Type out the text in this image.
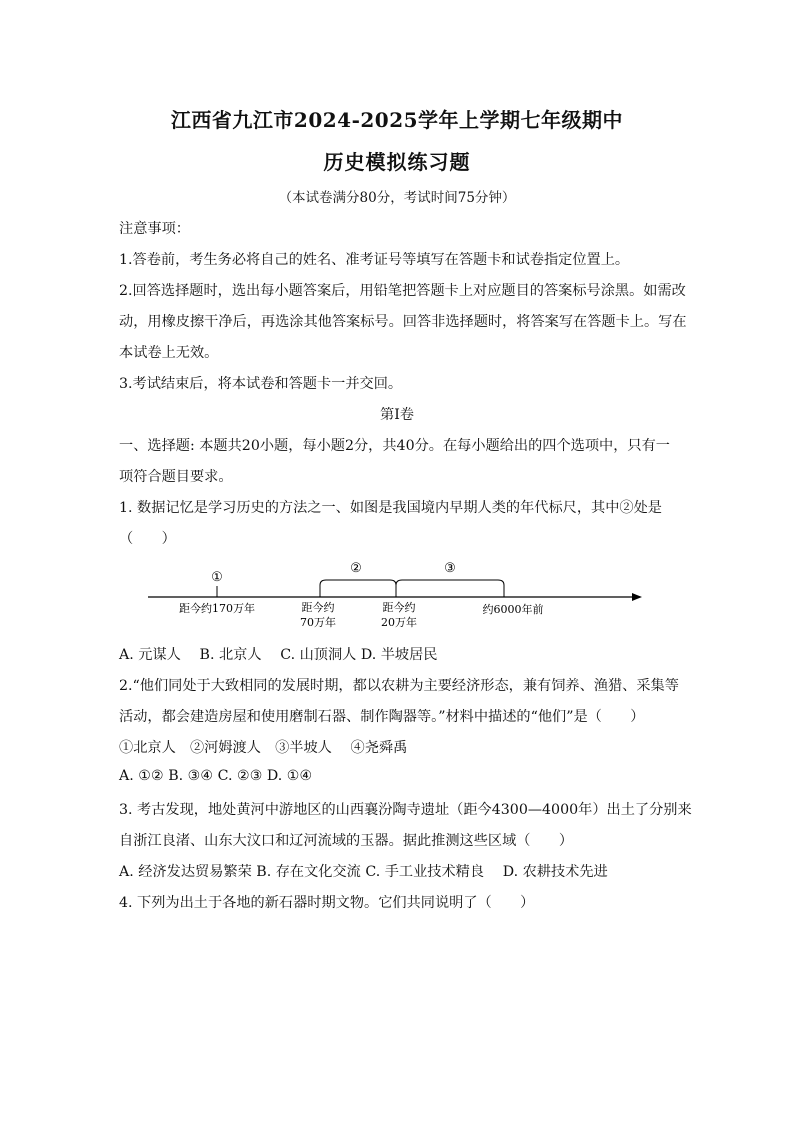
江西省九江市2024-2025学年上学期七年级期中
历史模拟练习题
（本试卷满分80分，考试时间75分钟）
注意事项：
1.答卷前，考生务必将自己的姓名、准考证号等填写在答题卡和试卷指定位置上。
2.回答选择题时，选出每小题答案后，用铅笔把答题卡上对应题目的答案标号涂黑。如需改
动，用橡皮擦干净后，再选涂其他答案标号。回答非选择题时，将答案写在答题卡上。写在
本试卷上无效。
3.考试结束后，将本试卷和答题卡一并交回。
第Ⅰ卷
一、选择题: 本题共20小题，每小题2分，共40分。在每小题给出的四个选项中，只有一
项符合题目要求。
1. 数据记忆是学习历史的方法之一、如图是我国境内早期人类的年代标尺，其中②处是
（　　）
①
②	③
距今约170万年	距今约
70万年
距今约
20万年
约6000年前
A. 元谋人　 B. 北京人　 C. 山顶洞人 D. 半坡居民
2.“他们同处于大致相同的发展时期，都以农耕为主要经济形态，兼有饲养、渔猎、采集等
活动，都会建造房屋和使用磨制石器、制作陶器等。”材料中描述的“他们”是（　　）
①北京人　②河姆渡人　③半坡人　 ④尧舜禹
A. ①② B. ③④ C. ②③ D. ①④
3. 考古发现，地处黄河中游地区的山西襄汾陶寺遗址（距今4300—4000年）出土了分别来
自浙江良渚、山东大汶口和辽河流域的玉器。据此推测这些区域（　　）
A. 经济发达贸易繁荣 B. 存在文化交流 C. 手工业技术精良　 D. 农耕技术先进
4. 下列为出土于各地的新石器时期文物。它们共同说明了（　　）
